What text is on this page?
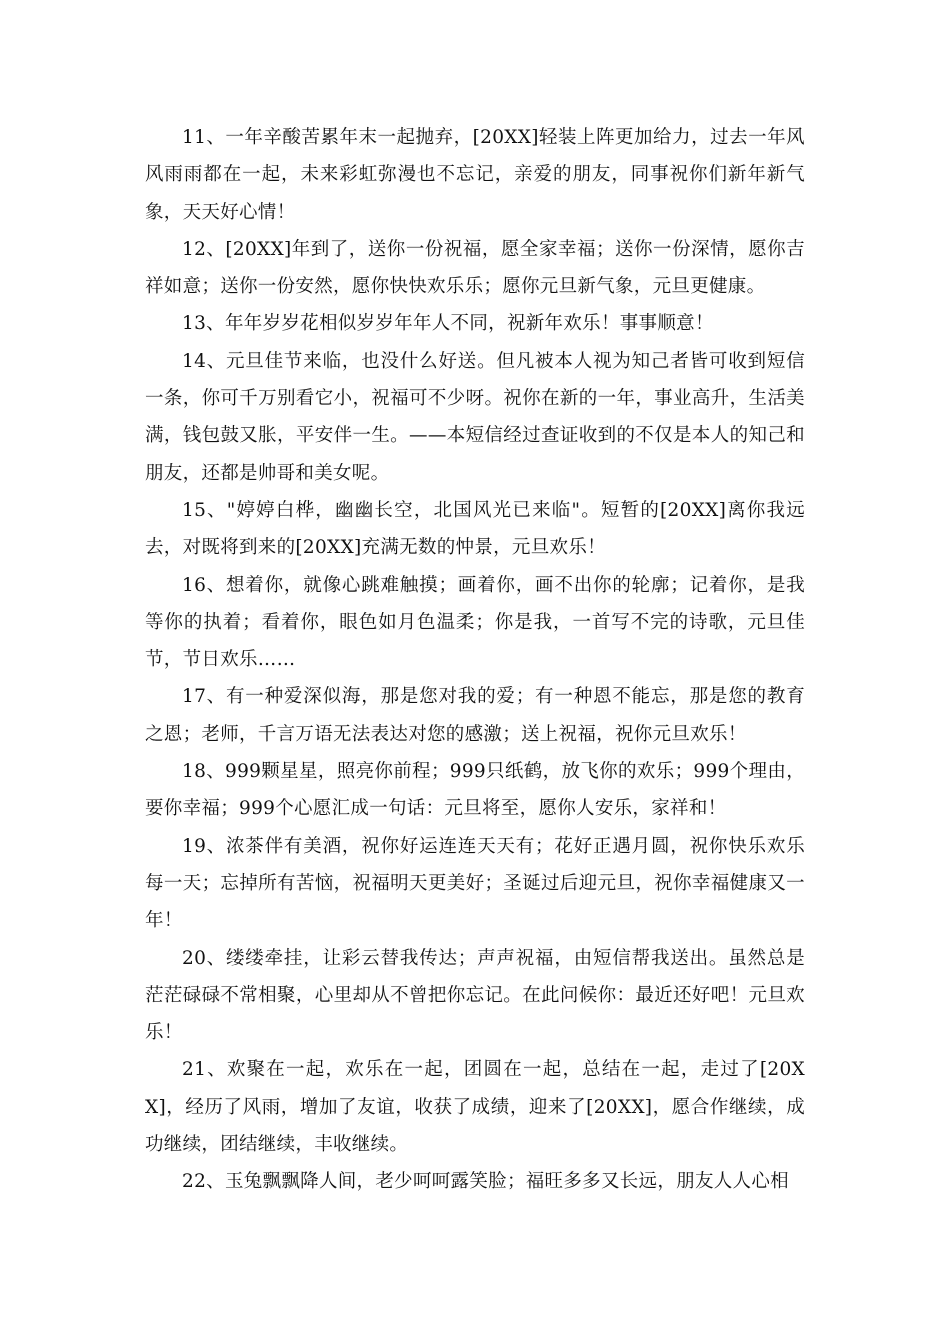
11、一年辛酸苦累年末一起抛弃，[20XX]轻装上阵更加给力，过去一年风风雨雨都在一起，未来彩虹弥漫也不忘记，亲爱的朋友，同事祝你们新年新气象，天天好心情！

12、[20XX]年到了，送你一份祝福，愿全家幸福；送你一份深情，愿你吉祥如意；送你一份安然，愿你快快欢乐乐；愿你元旦新气象，元旦更健康。

13、年年岁岁花相似岁岁年年人不同，祝新年欢乐！事事顺意！

14、元旦佳节来临，也没什么好送。但凡被本人视为知己者皆可收到短信一条，你可千万别看它小，祝福可不少呀。祝你在新的一年，事业高升，生活美满，钱包鼓又胀，平安伴一生。——本短信经过查证收到的不仅是本人的知己和朋友，还都是帅哥和美女呢。

15、"婷婷白桦，幽幽长空，北国风光已来临"。短暂的[20XX]离你我远去，对既将到来的[20XX]充满无数的忡景，元旦欢乐！

16、想着你，就像心跳难触摸；画着你，画不出你的轮廓；记着你，是我等你的执着；看着你，眼色如月色温柔；你是我，一首写不完的诗歌，元旦佳节，节日欢乐……

17、有一种爱深似海，那是您对我的爱；有一种恩不能忘，那是您的教育之恩；老师，千言万语无法表达对您的感激；送上祝福，祝你元旦欢乐！

18、999颗星星，照亮你前程；999只纸鹤，放飞你的欢乐；999个理由，要你幸福；999个心愿汇成一句话：元旦将至，愿你人安乐，家祥和！

19、浓茶伴有美酒，祝你好运连连天天有；花好正遇月圆，祝你快乐欢乐每一天；忘掉所有苦恼，祝福明天更美好；圣诞过后迎元旦，祝你幸福健康又一年！

20、缕缕牵挂，让彩云替我传达；声声祝福，由短信帮我送出。虽然总是茫茫碌碌不常相聚，心里却从不曾把你忘记。在此问候你：最近还好吧！元旦欢乐！

21、欢聚在一起，欢乐在一起，团圆在一起，总结在一起，走过了[20XX]，经历了风雨，增加了友谊，收获了成绩，迎来了[20XX]，愿合作继续，成功继续，团结继续，丰收继续。

22、玉兔飘飘降人间，老少呵呵露笑脸；福旺多多又长远，朋友人人心相
